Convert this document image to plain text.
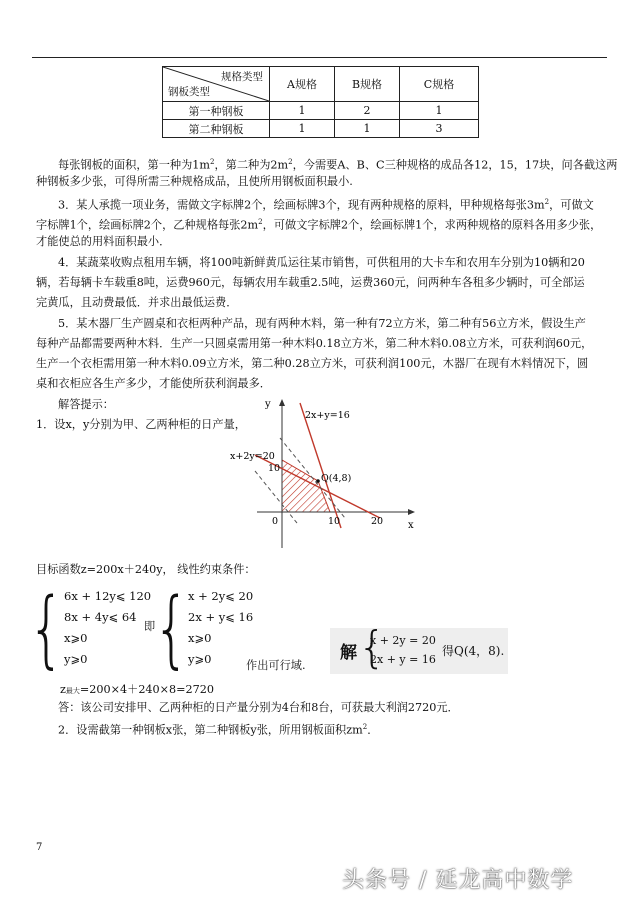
规格类型
钢板类型	A规格	B规格	C规格
第一种钢板	1	2	1
第二种钢板	1	1	3
每张钢板的面积，第一种为$1m^2$，第二种为$2m^2$，今需要A、B、C三种规格的成品各12，15，17块，问各截这两
种钢板多少张，可得所需三种规格成品，且使所用钢板面积最小.
3．某人承揽一项业务，需做文字标牌2个，绘画标牌3个，现有两种规格的原料，甲种规格每张$3m^2$，可做文
字标牌1个，绘画标牌2个，乙种规格每张$2m^2$，可做文字标牌2个，绘画标牌1个，求两种规格的原料各用多少张，
才能使总的用料面积最小．
4．某蔬菜收购点租用车辆，将100吨新鲜黄瓜运往某市销售，可供租用的大卡车和农用车分别为10辆和20
辆，若每辆卡车载重8吨，运费960元，每辆农用车载重2.5吨，运费360元，问两种车各租多少辆时，可全部运
完黄瓜，且动费最低．并求出最低运费．
5．某木器厂生产圆桌和衣柜两种产品，现有两种木料，第一种有72立方米，第二种有56立方米，假设生产
每种产品都需要两种木料．生产一只圆桌需用第一种木料0.18立方米，第二种木料0.08立方米，可获利润60元，
生产一个衣柜需用第一种木料0.09立方米，第二种0.28立方米，可获利润100元，木器厂在现有木料情况下，圆
桌和衣柜应各生产多少，才能使所获利润最多．
解答提示：
1．设x，y分别为甲、乙两种柜的日产量，
y
x
0
2x+y=16
x+2y=20
Q(4,8)
10
10	20
目标函数z=200x＋240y， 线性约束条件：
{ 6x + 12y⩽ 120
8x + 4y⩽ 64
x⩾0
y⩾0
即
{
x + 2y⩽ 20
2x + y⩽ 16
x⩾0
y⩾0	作出可行域.
解 {
x + 2y = 20
2x + y = 16
得Q(4，8).
z最大=200×4＋240×8=2720
答：该公司安排甲、乙两种柜的日产量分别为4台和8台，可获最大利润2720元．
2．设需截第一种钢板x张，第二种钢板y张，所用钢板面积$zm^2$．
7
头条号 / 延龙高中数学
